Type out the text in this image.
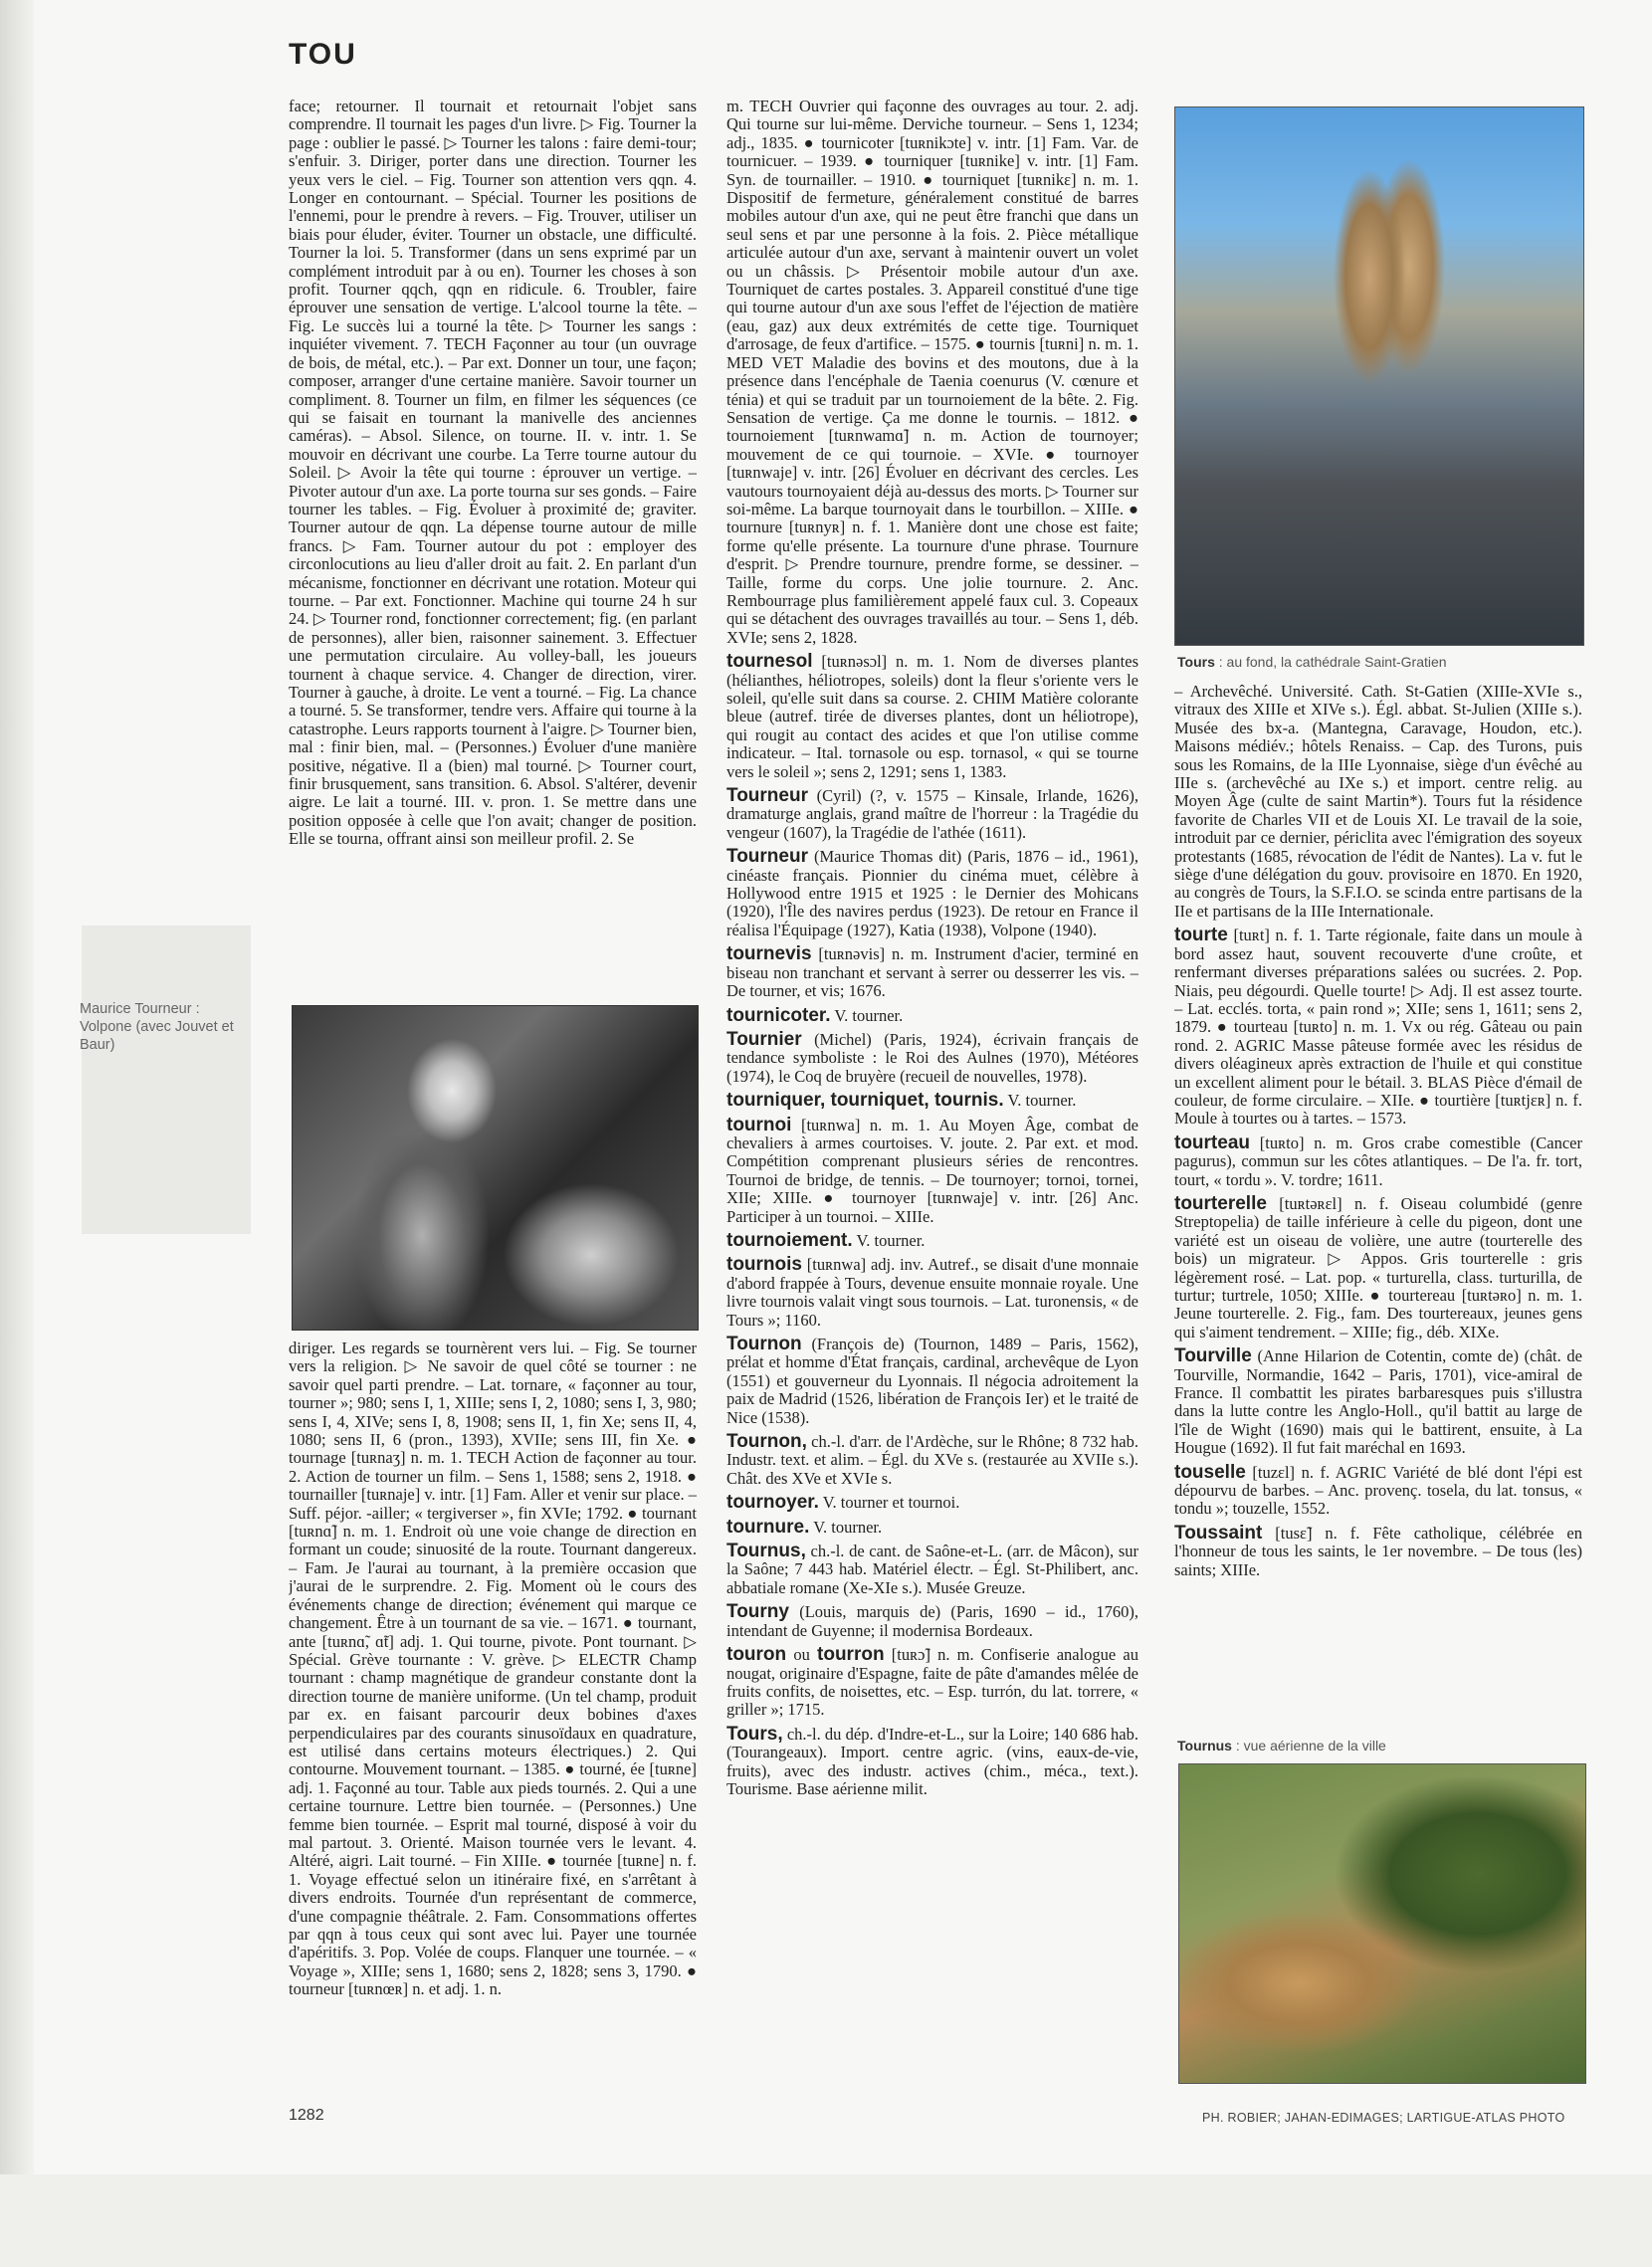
TOU
Maurice Tourneur : Volpone (avec Jouvet et Baur)

face; retourner. Il tournait et retournait l'objet sans comprendre. Il tournait les pages d'un livre. ▷ Fig. Tourner la page : oublier le passé. ▷ Tourner les talons : faire demi-tour; s'enfuir. 3. Diriger, porter dans une direction. Tourner les yeux vers le ciel. – Fig. Tourner son attention vers qqn. 4. Longer en contournant. – Spécial. Tourner les positions de l'ennemi, pour le prendre à revers. – Fig. Trouver, utiliser un biais pour éluder, éviter. Tourner un obstacle, une difficulté. Tourner la loi. 5. Transformer (dans un sens exprimé par un complément introduit par à ou en). Tourner les choses à son profit. Tourner qqch, qqn en ridicule. 6. Troubler, faire éprouver une sensation de vertige. L'alcool tourne la tête. – Fig. Le succès lui a tourné la tête. ▷ Tourner les sangs : inquiéter vivement. 7. TECH Façonner au tour (un ouvrage de bois, de métal, etc.). – Par ext. Donner un tour, une façon; composer, arranger d'une certaine manière. Savoir tourner un compliment. 8. Tourner un film, en filmer les séquences (ce qui se faisait en tournant la manivelle des anciennes caméras). – Absol. Silence, on tourne. II. v. intr. 1. Se mouvoir en décrivant une courbe. La Terre tourne autour du Soleil. ▷ Avoir la tête qui tourne : éprouver un vertige. – Pivoter autour d'un axe. La porte tourna sur ses gonds. – Faire tourner les tables. – Fig. Évoluer à proximité de; graviter. Tourner autour de qqn. La dépense tourne autour de mille francs. ▷ Fam. Tourner autour du pot : employer des circonlocutions au lieu d'aller droit au fait. 2. En parlant d'un mécanisme, fonctionner en décrivant une rotation. Moteur qui tourne. – Par ext. Fonctionner. Machine qui tourne 24 h sur 24. ▷ Tourner rond, fonctionner correctement; fig. (en parlant de personnes), aller bien, raisonner sainement. 3. Effectuer une permutation circulaire. Au volley-ball, les joueurs tournent à chaque service. 4. Changer de direction, virer. Tourner à gauche, à droite. Le vent a tourné. – Fig. La chance a tourné. 5. Se transformer, tendre vers. Affaire qui tourne à la catastrophe. Leurs rapports tournent à l'aigre. ▷ Tourner bien, mal : finir bien, mal. – (Personnes.) Évoluer d'une manière positive, négative. Il a (bien) mal tourné. ▷ Tourner court, finir brusquement, sans transition. 6. Absol. S'altérer, devenir aigre. Le lait a tourné. III. v. pron. 1. Se mettre dans une position opposée à celle que l'on avait; changer de position. Elle se tourna, offrant ainsi son meilleur profil. 2. Se

diriger. Les regards se tournèrent vers lui. – Fig. Se tourner vers la religion. ▷ Ne savoir de quel côté se tourner : ne savoir quel parti prendre. – Lat. tornare, « façonner au tour, tourner »; 980; sens I, 1, XIIIe; sens I, 2, 1080; sens I, 3, 980; sens I, 4, XIVe; sens I, 8, 1908; sens II, 1, fin Xe; sens II, 4, 1080; sens II, 6 (pron., 1393), XVIIe; sens III, fin Xe. ● tournage [tuʀnaʒ] n. m. 1. TECH Action de façonner au tour. 2. Action de tourner un film. – Sens 1, 1588; sens 2, 1918. ● tournailler [tuʀnaje] v. intr. [1] Fam. Aller et venir sur place. – Suff. péjor. -ailler; « tergiverser », fin XVIe; 1792. ● tournant [tuʀnɑ̃] n. m. 1. Endroit où une voie change de direction en formant un coude; sinuosité de la route. Tournant dangereux. – Fam. Je l'aurai au tournant, à la première occasion que j'aurai de le surprendre. 2. Fig. Moment où le cours des événements change de direction; événement qui marque ce changement. Être à un tournant de sa vie. – 1671. ● tournant, ante [tuʀnɑ̃, ɑ̃t] adj. 1. Qui tourne, pivote. Pont tournant. ▷ Spécial. Grève tournante : V. grève. ▷ ELECTR Champ tournant : champ magnétique de grandeur constante dont la direction tourne de manière uniforme. (Un tel champ, produit par ex. en faisant parcourir deux bobines d'axes perpendiculaires par des courants sinusoïdaux en quadrature, est utilisé dans certains moteurs électriques.) 2. Qui contourne. Mouvement tournant. – 1385. ● tourné, ée [tuʀne] adj. 1. Façonné au tour. Table aux pieds tournés. 2. Qui a une certaine tournure. Lettre bien tournée. – (Personnes.) Une femme bien tournée. – Esprit mal tourné, disposé à voir du mal partout. 3. Orienté. Maison tournée vers le levant. 4. Altéré, aigri. Lait tourné. – Fin XIIIe. ● tournée [tuʀne] n. f. 1. Voyage effectué selon un itinéraire fixé, en s'arrêtant à divers endroits. Tournée d'un représentant de commerce, d'une compagnie théâtrale. 2. Fam. Consommations offertes par qqn à tous ceux qui sont avec lui. Payer une tournée d'apéritifs. 3. Pop. Volée de coups. Flanquer une tournée. – « Voyage », XIIIe; sens 1, 1680; sens 2, 1828; sens 3, 1790. ● tourneur [tuʀnœʀ] n. et adj. 1. n.

m. TECH Ouvrier qui façonne des ouvrages au tour. 2. adj. Qui tourne sur lui-même. Derviche tourneur. – Sens 1, 1234; adj., 1835. ● tournicoter [tuʀnikɔte] v. intr. [1] Fam. Var. de tournicuer. – 1939. ● tourniquer [tuʀnike] v. intr. [1] Fam. Syn. de tournailler. – 1910. ● tourniquet [tuʀnikɛ] n. m. 1. Dispositif de fermeture, généralement constitué de barres mobiles autour d'un axe, qui ne peut être franchi que dans un seul sens et par une personne à la fois. 2. Pièce métallique articulée autour d'un axe, servant à maintenir ouvert un volet ou un châssis. ▷ Présentoir mobile autour d'un axe. Tourniquet de cartes postales. 3. Appareil constitué d'une tige qui tourne autour d'un axe sous l'effet de l'éjection de matière (eau, gaz) aux deux extrémités de cette tige. Tourniquet d'arrosage, de feux d'artifice. – 1575. ● tournis [tuʀni] n. m. 1. MED VET Maladie des bovins et des moutons, due à la présence dans l'encéphale de Taenia coenurus (V. cœnure et ténia) et qui se traduit par un tournoiement de la bête. 2. Fig. Sensation de vertige. Ça me donne le tournis. – 1812. ● tournoiement [tuʀnwamɑ̃] n. m. Action de tournoyer; mouvement de ce qui tournoie. – XVIe. ● tournoyer [tuʀnwaje] v. intr. [26] Évoluer en décrivant des cercles. Les vautours tournoyaient déjà au-dessus des morts. ▷ Tourner sur soi-même. La barque tournoyait dans le tourbillon. – XIIIe. ● tournure [tuʀnyʀ] n. f. 1. Manière dont une chose est faite; forme qu'elle présente. La tournure d'une phrase. Tournure d'esprit. ▷ Prendre tournure, prendre forme, se dessiner. – Taille, forme du corps. Une jolie tournure. 2. Anc. Rembourrage plus familièrement appelé faux cul. 3. Copeaux qui se détachent des ouvrages travaillés au tour. – Sens 1, déb. XVIe; sens 2, 1828.

tournesol [tuʀnəsɔl] n. m. 1. Nom de diverses plantes (hélianthes, héliotropes, soleils) dont la fleur s'oriente vers le soleil, qu'elle suit dans sa course. 2. CHIM Matière colorante bleue (autref. tirée de diverses plantes, dont un héliotrope), qui rougit au contact des acides et que l'on utilise comme indicateur. – Ital. tornasole ou esp. tornasol, « qui se tourne vers le soleil »; sens 2, 1291; sens 1, 1383.

Tourneur (Cyril) (?, v. 1575 – Kinsale, Irlande, 1626), dramaturge anglais, grand maître de l'horreur : la Tragédie du vengeur (1607), la Tragédie de l'athée (1611).

Tourneur (Maurice Thomas dit) (Paris, 1876 – id., 1961), cinéaste français. Pionnier du cinéma muet, célèbre à Hollywood entre 1915 et 1925 : le Dernier des Mohicans (1920), l'Île des navires perdus (1923). De retour en France il réalisa l'Équipage (1927), Katia (1938), Volpone (1940).

tournevis [tuʀnəvis] n. m. Instrument d'acier, terminé en biseau non tranchant et servant à serrer ou desserrer les vis. – De tourner, et vis; 1676.

tournicoter. V. tourner.

Tournier (Michel) (Paris, 1924), écrivain français de tendance symboliste : le Roi des Aulnes (1970), Météores (1974), le Coq de bruyère (recueil de nouvelles, 1978).

tourniquer, tourniquet, tournis. V. tourner.

tournoi [tuʀnwa] n. m. 1. Au Moyen Âge, combat de chevaliers à armes courtoises. V. joute. 2. Par ext. et mod. Compétition comprenant plusieurs séries de rencontres. Tournoi de bridge, de tennis. – De tournoyer; tornoi, tornei, XIIe; XIIIe. ● tournoyer [tuʀnwaje] v. intr. [26] Anc. Participer à un tournoi. – XIIIe.

tournoiement. V. tourner.

tournois [tuʀnwa] adj. inv. Autref., se disait d'une monnaie d'abord frappée à Tours, devenue ensuite monnaie royale. Une livre tournois valait vingt sous tournois. – Lat. turonensis, « de Tours »; 1160.

Tournon (François de) (Tournon, 1489 – Paris, 1562), prélat et homme d'État français, cardinal, archevêque de Lyon (1551) et gouverneur du Lyonnais. Il négocia adroitement la paix de Madrid (1526, libération de François Ier) et le traité de Nice (1538).

Tournon, ch.-l. d'arr. de l'Ardèche, sur le Rhône; 8 732 hab. Industr. text. et alim. – Égl. du XVe s. (restaurée au XVIIe s.). Chât. des XVe et XVIe s.

tournoyer. V. tourner et tournoi.

tournure. V. tourner.

Tournus, ch.-l. de cant. de Saône-et-L. (arr. de Mâcon), sur la Saône; 7 443 hab. Matériel électr. – Égl. St-Philibert, anc. abbatiale romane (Xe-XIe s.). Musée Greuze.

Tourny (Louis, marquis de) (Paris, 1690 – id., 1760), intendant de Guyenne; il modernisa Bordeaux.

touron ou tourron [tuʀɔ̃] n. m. Confiserie analogue au nougat, originaire d'Espagne, faite de pâte d'amandes mêlée de fruits confits, de noisettes, etc. – Esp. turrón, du lat. torrere, « griller »; 1715.

Tours, ch.-l. du dép. d'Indre-et-L., sur la Loire; 140 686 hab. (Tourangeaux). Import. centre agric. (vins, eaux-de-vie, fruits), avec des industr. actives (chim., méca., text.). Tourisme. Base aérienne milit.

Tours : au fond, la cathédrale Saint-Gratien

– Archevêché. Université. Cath. St-Gatien (XIIIe-XVIe s., vitraux des XIIIe et XIVe s.). Égl. abbat. St-Julien (XIIIe s.). Musée des bx-a. (Mantegna, Caravage, Houdon, etc.). Maisons médiév.; hôtels Renaiss. – Cap. des Turons, puis sous les Romains, de la IIIe Lyonnaise, siège d'un évêché au IIIe s. (archevêché au IXe s.) et import. centre relig. au Moyen Âge (culte de saint Martin*). Tours fut la résidence favorite de Charles VII et de Louis XI. Le travail de la soie, introduit par ce dernier, périclita avec l'émigration des soyeux protestants (1685, révocation de l'édit de Nantes). La v. fut le siège d'une délégation du gouv. provisoire en 1870. En 1920, au congrès de Tours, la S.F.I.O. se scinda entre partisans de la IIe et partisans de la IIIe Internationale.

tourte [tuʀt] n. f. 1. Tarte régionale, faite dans un moule à bord assez haut, souvent recouverte d'une croûte, et renfermant diverses préparations salées ou sucrées. 2. Pop. Niais, peu dégourdi. Quelle tourte! ▷ Adj. Il est assez tourte. – Lat. ecclés. torta, « pain rond »; XIIe; sens 1, 1611; sens 2, 1879. ● tourteau [tuʀto] n. m. 1. Vx ou rég. Gâteau ou pain rond. 2. AGRIC Masse pâteuse formée avec les résidus de divers oléagineux après extraction de l'huile et qui constitue un excellent aliment pour le bétail. 3. BLAS Pièce d'émail de couleur, de forme circulaire. – XIIe. ● tourtière [tuʀtjɛʀ] n. f. Moule à tourtes ou à tartes. – 1573.

tourteau [tuʀto] n. m. Gros crabe comestible (Cancer pagurus), commun sur les côtes atlantiques. – De l'a. fr. tort, tourt, « tordu ». V. tordre; 1611.

tourterelle [tuʀtəʀɛl] n. f. Oiseau columbidé (genre Streptopelia) de taille inférieure à celle du pigeon, dont une variété est un oiseau de volière, une autre (tourterelle des bois) un migrateur. ▷ Appos. Gris tourterelle : gris légèrement rosé. – Lat. pop. « turturella, class. turturilla, de turtur; turtrele, 1050; XIIIe. ● tourtereau [tuʀtəʀo] n. m. 1. Jeune tourterelle. 2. Fig., fam. Des tourtereaux, jeunes gens qui s'aiment tendrement. – XIIIe; fig., déb. XIXe.

Tourville (Anne Hilarion de Cotentin, comte de) (chât. de Tourville, Normandie, 1642 – Paris, 1701), vice-amiral de France. Il combattit les pirates barbaresques puis s'illustra dans la lutte contre les Anglo-Holl., qu'il battit au large de l'île de Wight (1690) mais qui le battirent, ensuite, à La Hougue (1692). Il fut fait maréchal en 1693.

touselle [tuzɛl] n. f. AGRIC Variété de blé dont l'épi est dépourvu de barbes. – Anc. provenç. tosela, du lat. tonsus, « tondu »; touzelle, 1552.

Toussaint [tusɛ̃] n. f. Fête catholique, célébrée en l'honneur de tous les saints, le 1er novembre. – De tous (les) saints; XIIIe.

Tournus : vue aérienne de la ville
1282	PH. ROBIER; JAHAN-EDIMAGES; LARTIGUE-ATLAS PHOTO
